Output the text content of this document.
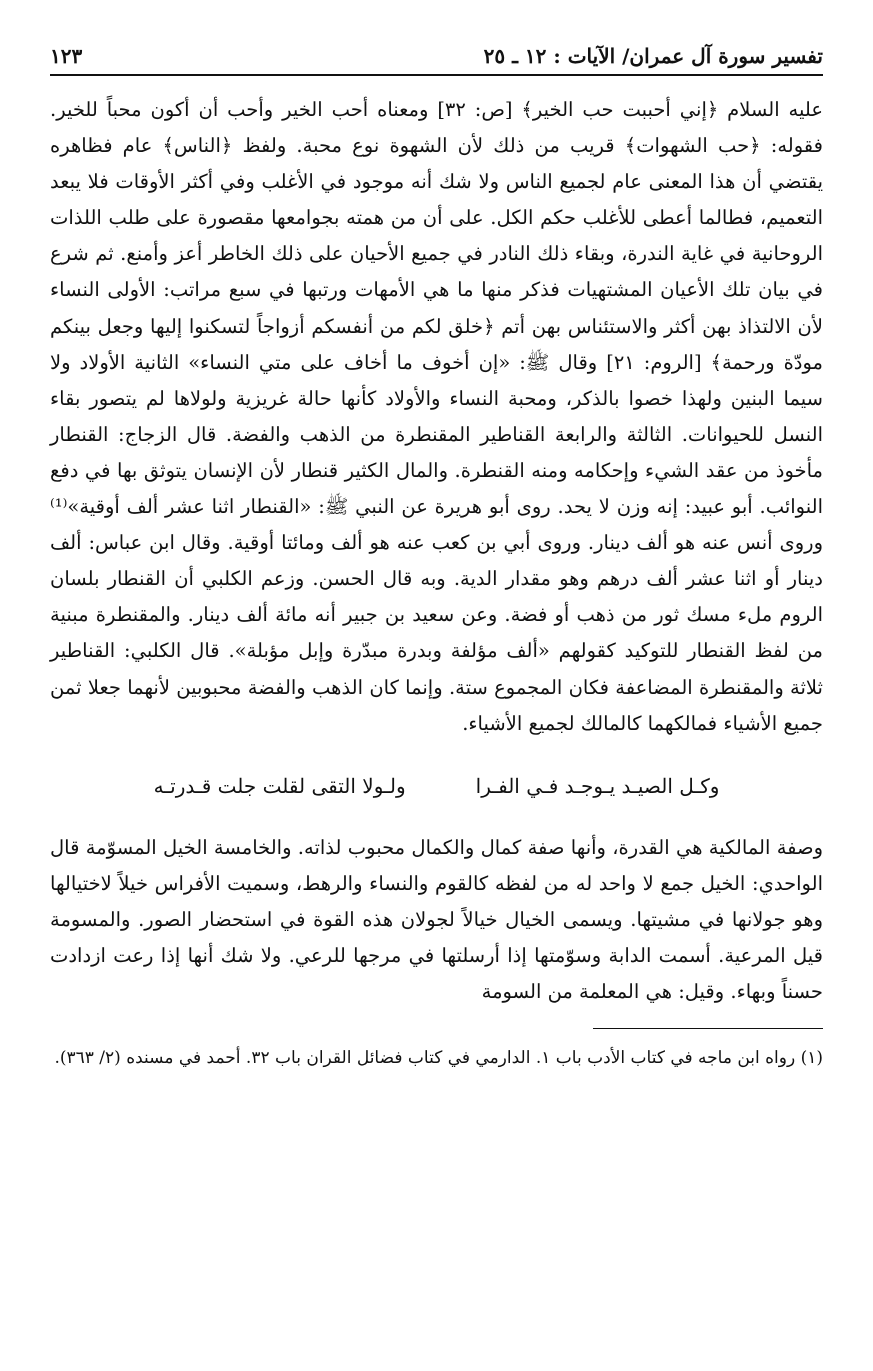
تفسير سورة آل عمران/ الآيات : ١٢ ـ ٢٥
١٢٣

عليه السلام ﴿إني أحببت حب الخير﴾ [ص: ٣٢] ومعناه أحب الخير وأحب أن أكون محباً للخير. فقوله: ﴿حب الشهوات﴾ قريب من ذلك لأن الشهوة نوع محبة. ولفظ ﴿الناس﴾ عام فظاهره يقتضي أن هذا المعنى عام لجميع الناس ولا شك أنه موجود في الأغلب وفي أكثر الأوقات فلا يبعد التعميم، فطالما أعطى للأغلب حكم الكل. على أن من همته بجوامعها مقصورة على طلب اللذات الروحانية في غاية الندرة، وبقاء ذلك النادر في جميع الأحيان على ذلك الخاطر أعز وأمنع. ثم شرع في بيان تلك الأعيان المشتهيات فذكر منها ما هي الأمهات ورتبها في سبع مراتب: الأولى النساء لأن الالتذاذ بهن أكثر والاستئناس بهن أتم ﴿خلق لكم من أنفسكم أزواجاً لتسكنوا إليها وجعل بينكم مودّة ورحمة﴾ [الروم: ٢١] وقال ﷺ: «إن أخوف ما أخاف على متي النساء» الثانية الأولاد ولا سيما البنين ولهذا خصوا بالذكر، ومحبة النساء والأولاد كأنها حالة غريزية ولولاها لم يتصور بقاء النسل للحيوانات. الثالثة والرابعة القناطير المقنطرة من الذهب والفضة. قال الزجاج: القنطار مأخوذ من عقد الشيء وإحكامه ومنه القنطرة. والمال الكثير قنطار لأن الإنسان يتوثق بها في دفع النوائب. أبو عبيد: إنه وزن لا يحد. روى أبو هريرة عن النبي ﷺ: «القنطار اثنا عشر ألف أوقية»⁽¹⁾ وروى أنس عنه هو ألف دينار. وروى أبي بن كعب عنه هو ألف ومائتا أوقية. وقال ابن عباس: ألف دينار أو اثنا عشر ألف درهم وهو مقدار الدية. وبه قال الحسن. وزعم الكلبي أن القنطار بلسان الروم ملء مسك ثور من ذهب أو فضة. وعن سعيد بن جبير أنه مائة ألف دينار. والمقنطرة مبنية من لفظ القنطار للتوكيد كقولهم «ألف مؤلفة وبدرة مبدّرة وإبل مؤبلة». قال الكلبي: القناطير ثلاثة والمقنطرة المضاعفة فكان المجموع ستة. وإنما كان الذهب والفضة محبوبين لأنهما جعلا ثمن جميع الأشياء فمالكهما كالمالك لجميع الأشياء.

وكـل الصيـد يـوجـد فـي الفـرا
ولـولا التقى لقلت جلت قـدرتـه

وصفة المالكية هي القدرة، وأنها صفة كمال والكمال محبوب لذاته. والخامسة الخيل المسوّمة قال الواحدي: الخيل جمع لا واحد له من لفظه كالقوم والنساء والرهط، وسميت الأفراس خيلاً لاختيالها وهو جولانها في مشيتها. ويسمى الخيال خيالاً لجولان هذه القوة في استحضار الصور. والمسومة قيل المرعية. أسمت الدابة وسوّمتها إذا أرسلتها في مرجها للرعي. ولا شك أنها إذا رعت ازدادت حسناً وبهاء. وقيل: هي المعلمة من السومة

(١) رواه ابن ماجه في كتاب الأدب باب ١. الدارمي في كتاب فضائل القران باب ٣٢. أحمد في مسنده (٢/ ٣٦٣).
